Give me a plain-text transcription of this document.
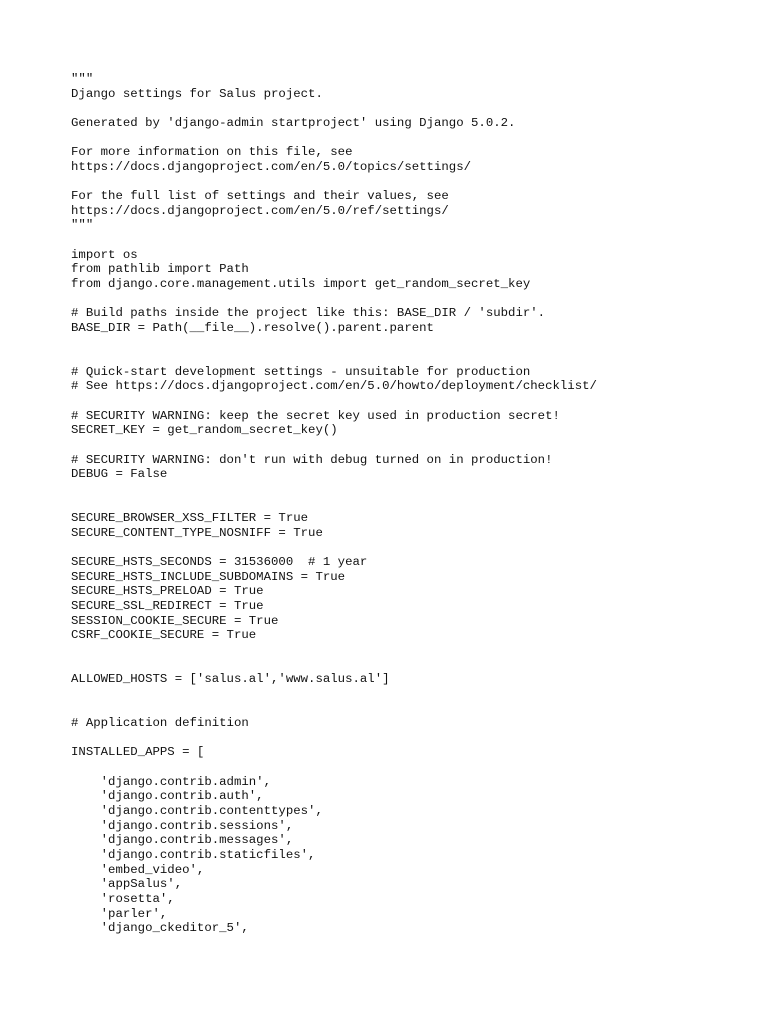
"""
Django settings for Salus project.
Generated by 'django-admin startproject' using Django 5.0.2.
For more information on this file, see
https://docs.djangoproject.com/en/5.0/topics/settings/
For the full list of settings and their values, see
https://docs.djangoproject.com/en/5.0/ref/settings/
"""
import os
from pathlib import Path
from django.core.management.utils import get_random_secret_key
# Build paths inside the project like this: BASE_DIR / 'subdir'.
BASE_DIR = Path(__file__).resolve().parent.parent
# Quick-start development settings - unsuitable for production
# See https://docs.djangoproject.com/en/5.0/howto/deployment/checklist/
# SECURITY WARNING: keep the secret key used in production secret!
SECRET_KEY = get_random_secret_key()
# SECURITY WARNING: don't run with debug turned on in production!
DEBUG = False
SECURE_BROWSER_XSS_FILTER = True
SECURE_CONTENT_TYPE_NOSNIFF = True
SECURE_HSTS_SECONDS = 31536000  # 1 year
SECURE_HSTS_INCLUDE_SUBDOMAINS = True
SECURE_HSTS_PRELOAD = True
SECURE_SSL_REDIRECT = True
SESSION_COOKIE_SECURE = True
CSRF_COOKIE_SECURE = True
ALLOWED_HOSTS = ['salus.al','www.salus.al']
# Application definition
INSTALLED_APPS = [
'django.contrib.admin',
'django.contrib.auth',
'django.contrib.contenttypes',
'django.contrib.sessions',
'django.contrib.messages',
'django.contrib.staticfiles',
'embed_video',
'appSalus',
'rosetta',
'parler',
'django_ckeditor_5',
